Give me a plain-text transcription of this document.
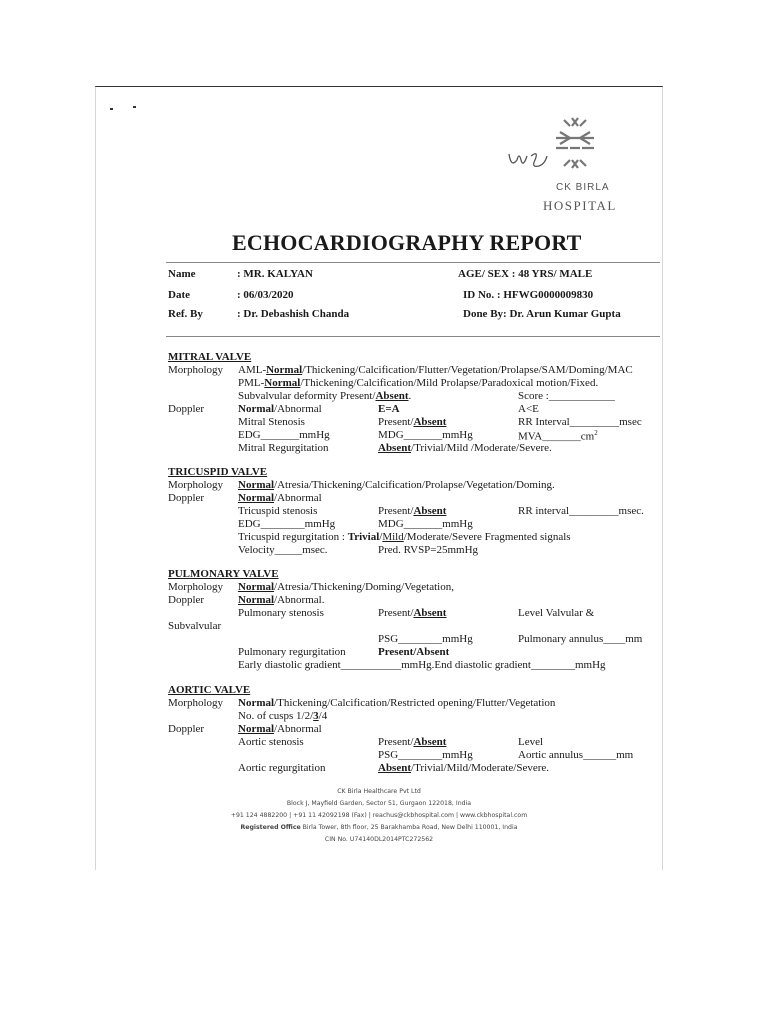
CK BIRLA
HOSPITAL
ECHOCARDIOGRAPHY REPORT
Name	: MR. KALYAN	AGE/ SEX : 48 YRS/ MALE
Date	: 06/03/2020	ID No. : HFWG0000009830
Ref. By	: Dr. Debashish Chanda	Done By: Dr. Arun Kumar Gupta
MITRAL VALVE
Morphology AML-Normal/Thickening/Calcification/Flutter/Vegetation/Prolapse/SAM/Doming/MAC
PML-Normal/Thickening/Calcification/Mild Prolapse/Paradoxical motion/Fixed.
Subvalvular deformity Present/Absent.	Score :____________
Doppler	Normal/Abnormal	E=A	A<E
Mitral Stenosis	Present/Absent	RR Interval_________msec
EDG_______mmHg	MDG_______mmHg	$MVA\_\_\_\_\_\_\_cm^2$
Mitral Regurgitation	Absent/Trivial/Mild /Moderate/Severe.
TRICUSPID VALVE
Morphology Normal/Atresia/Thickening/Calcification/Prolapse/Vegetation/Doming.
Doppler	Normal/Abnormal
Tricuspid stenosis	Present/Absent	RR interval_________msec.
EDG________mmHg	MDG_______mmHg
Tricuspid regurgitation : Trivial/Mild/Moderate/Severe Fragmented signals
Velocity_____msec.	Pred. RVSP=25mmHg
PULMONARY VALVE
Morphology Normal/Atresia/Thickening/Doming/Vegetation,
Doppler	Normal/Abnormal.
Pulmonary stenosis	Present/Absent	Level Valvular &
Subvalvular
PSG________mmHg	Pulmonary annulus____mm
Pulmonary regurgitation	Present/Absent
Early diastolic gradient___________mmHg.End diastolic gradient________mmHg
AORTIC VALVE
Morphology Normal/Thickening/Calcification/Restricted opening/Flutter/Vegetation
No. of cusps 1/2/3/4
Doppler	Normal/Abnormal
Aortic stenosis	Present/Absent	Level
PSG________mmHg	Aortic annulus______mm
Aortic regurgitation	Absent/Trivial/Mild/Moderate/Severe.
CK Birla Healthcare Pvt Ltd
Block J, Mayfield Garden, Sector 51, Gurgaon 122018, India
+91 124 4882200 | +91 11 42092198 (Fax) | reachus@ckbhospital.com | www.ckbhospital.com
Registered Office Birla Tower, 8th floor, 25 Barakhamba Road, New Delhi 110001, India
CIN No. U74140DL2014PTC272562
